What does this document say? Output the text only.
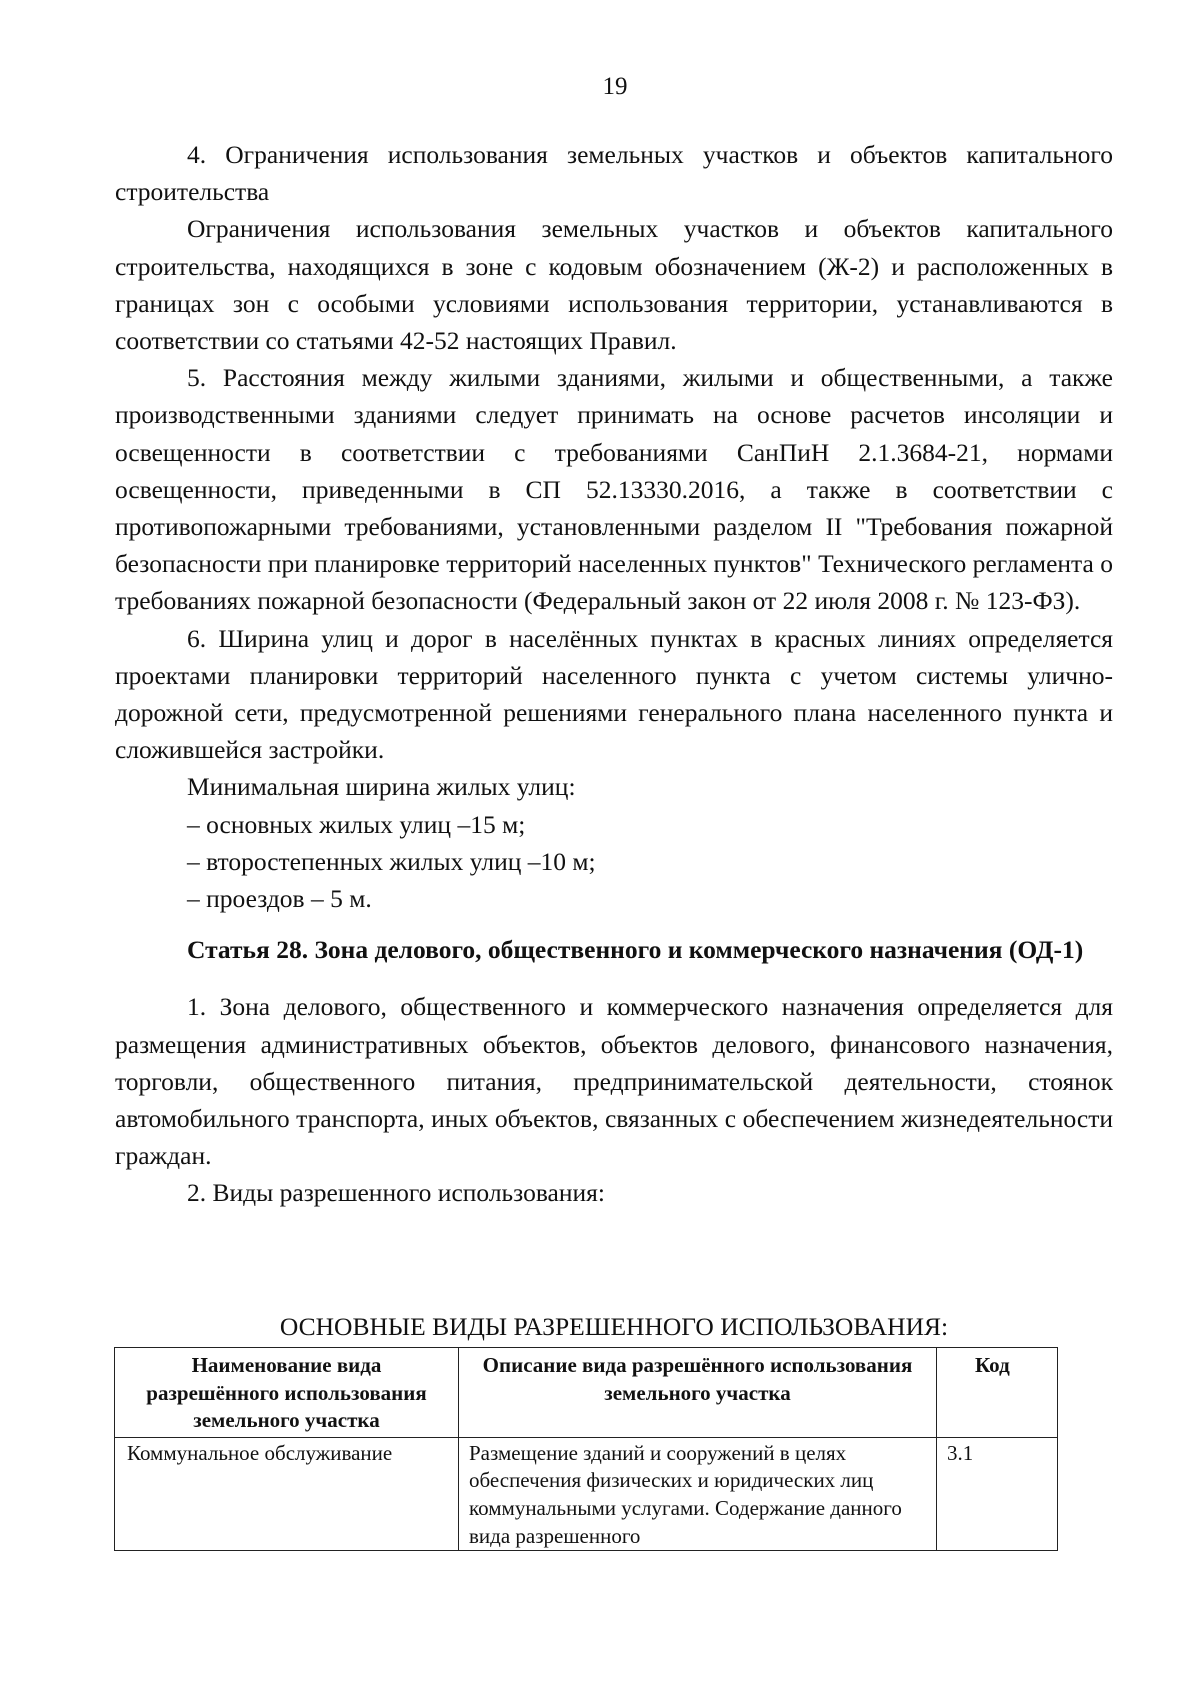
19

4. Ограничения использования земельных участков и объектов капитального строительства

Ограничения использования земельных участков и объектов капитального строительства, находящихся в зоне с кодовым обозначением (Ж-2) и расположенных в границах зон с особыми условиями использования территории, устанавливаются в соответствии со статьями 42-52 настоящих Правил.

5. Расстояния между жилыми зданиями, жилыми и общественными, а также производственными зданиями следует принимать на основе расчетов инсоляции и освещенности в соответствии с требованиями СанПиН 2.1.3684-21, нормами освещенности, приведенными в СП 52.13330.2016, а также в соответствии с противопожарными требованиями, установленными разделом II "Требования пожарной безопасности при планировке территорий населенных пунктов" Технического регламента о требованиях пожарной безопасности (Федеральный закон от 22 июля 2008 г. № 123-ФЗ).

6. Ширина улиц и дорог в населённых пунктах в красных линиях определяется проектами планировки территорий населенного пункта с учетом системы улично-дорожной сети, предусмотренной решениями генерального плана населенного пункта и сложившейся застройки.

Минимальная ширина жилых улиц:

– основных жилых улиц –15 м;

– второстепенных жилых улиц –10 м;

– проездов – 5 м.

Статья 28. Зона делового, общественного и коммерческого назначения (ОД-1)

1. Зона делового, общественного и коммерческого назначения определяется для размещения административных объектов, объектов делового, финансового назначения, торговли, общественного питания, предпринимательской деятельности, стоянок автомобильного транспорта, иных объектов, связанных с обеспечением жизнедеятельности граждан.

2. Виды разрешенного использования:

ОСНОВНЫЕ ВИДЫ РАЗРЕШЕННОГО ИСПОЛЬЗОВАНИЯ:
Наименование вида разрешённого использования земельного участка	Описание вида разрешённого использования земельного участка	Код
Коммунальное обслуживание	Размещение зданий и сооружений в целях обеспечения физических и юридических лиц коммунальными услугами. Содержание данного вида разрешенного	3.1
